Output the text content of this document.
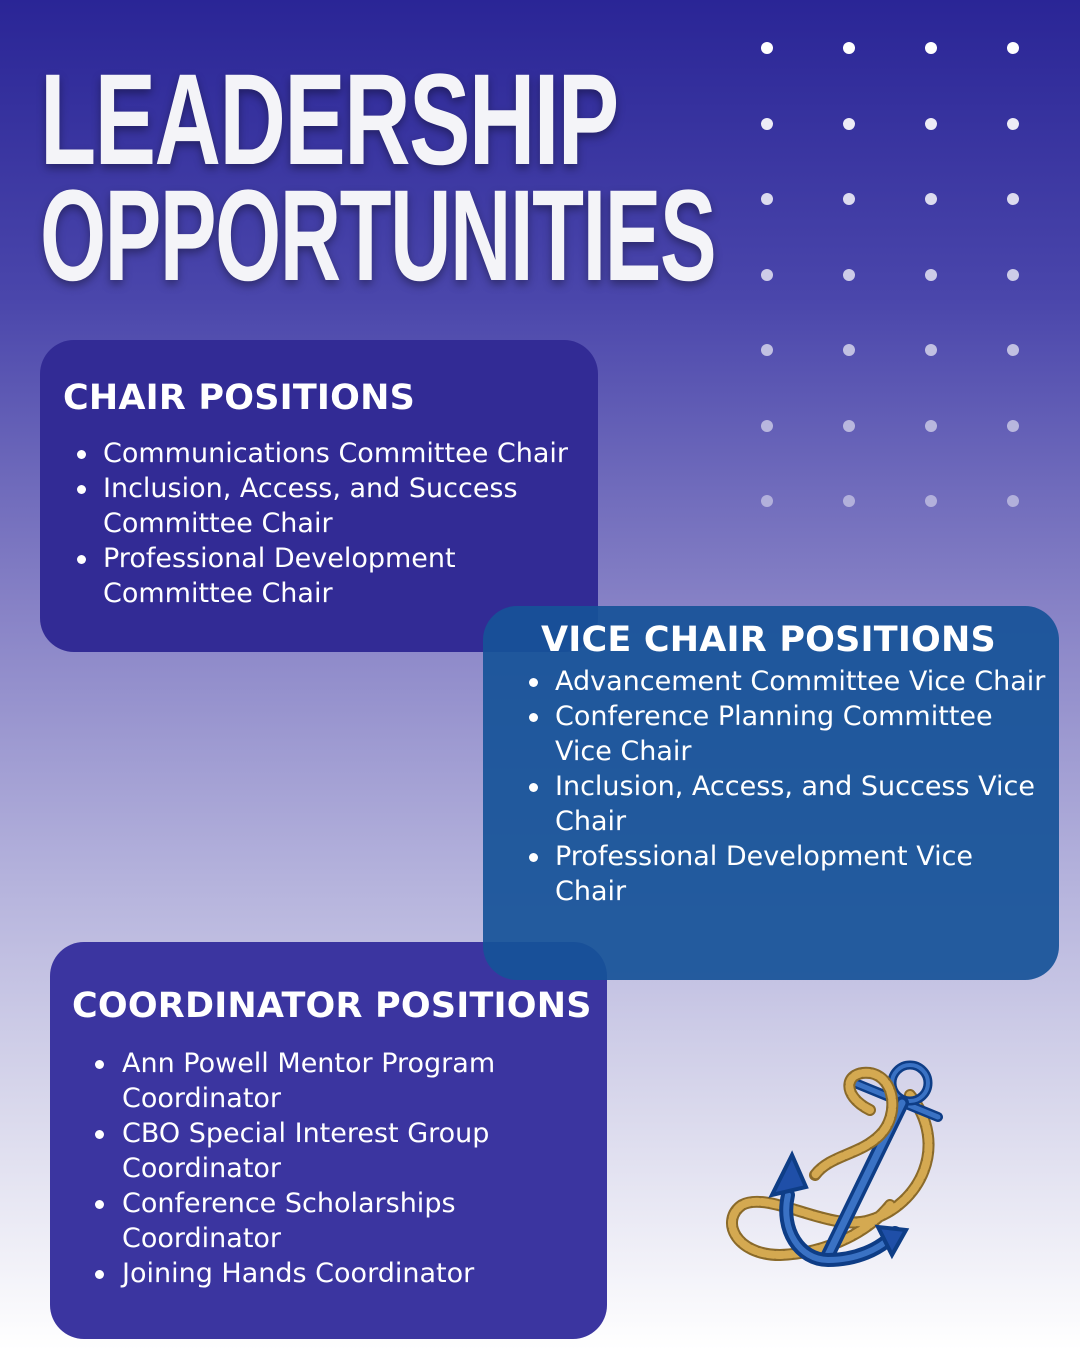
LEADERSHIP
OPPORTUNITIES
CHAIR POSITIONS
Communications Committee Chair
Inclusion, Access, and Success Committee Chair
Professional Development Committee Chair
VICE CHAIR POSITIONS
Advancement Committee Vice Chair
Conference Planning Committee Vice Chair
Inclusion, Access, and Success Vice Chair
Professional Development Vice Chair
COORDINATOR POSITIONS
Ann Powell Mentor Program Coordinator
CBO Special Interest Group Coordinator
Conference Scholarships Coordinator
Joining Hands Coordinator
